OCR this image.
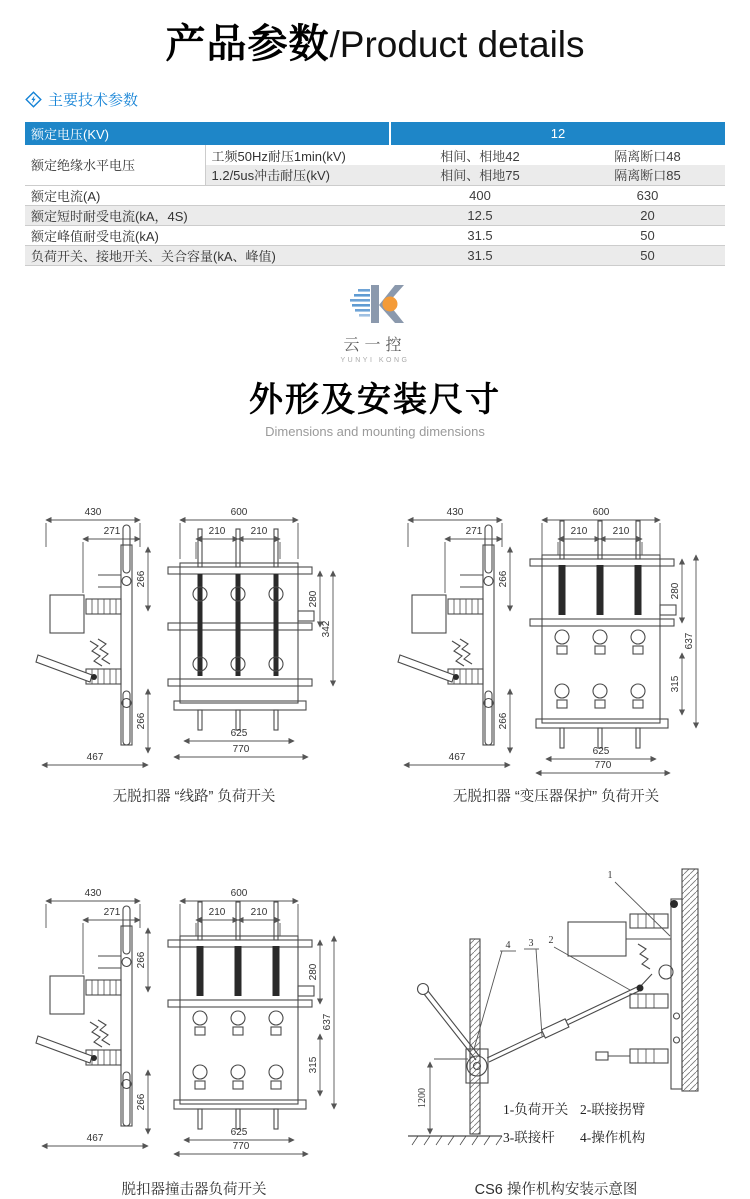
产品参数/Product details
主要技术参数
额定电压(KV)		12	
额定绝缘水平电压	工频50Hz耐压1min(kV)	相间、相地42	隔离断口48
	1.2/5us冲击耐压(kV)	相间、相地75	隔离断口85
额定电流(A)		400	630
额定短时耐受电流(kA，4S)		12.5	20
额定峰值耐受电流(kA)		31.5	50
负荷开关、接地开关、关合容量(kA、峰值)		31.5	50
云一控
YUNYI KONG
外形及安装尺寸
Dimensions and mounting dimensions
430
271
266
266
467
600
210	210
280
342
625
770
无脱扣器 “线路” 负荷开关
430
271
266
266
467
600
210	210
280
315
637
625
770
无脱扣器 “变压器保护” 负荷开关
430
271
266
266
467
600
210	210
280
315
637
625
770
脱扣器撞击器负荷开关
1200
1
4 3 2
1-负荷开关 2-联接拐臂
3-联接杆 4-操作机构
CS6 操作机构安装示意图
